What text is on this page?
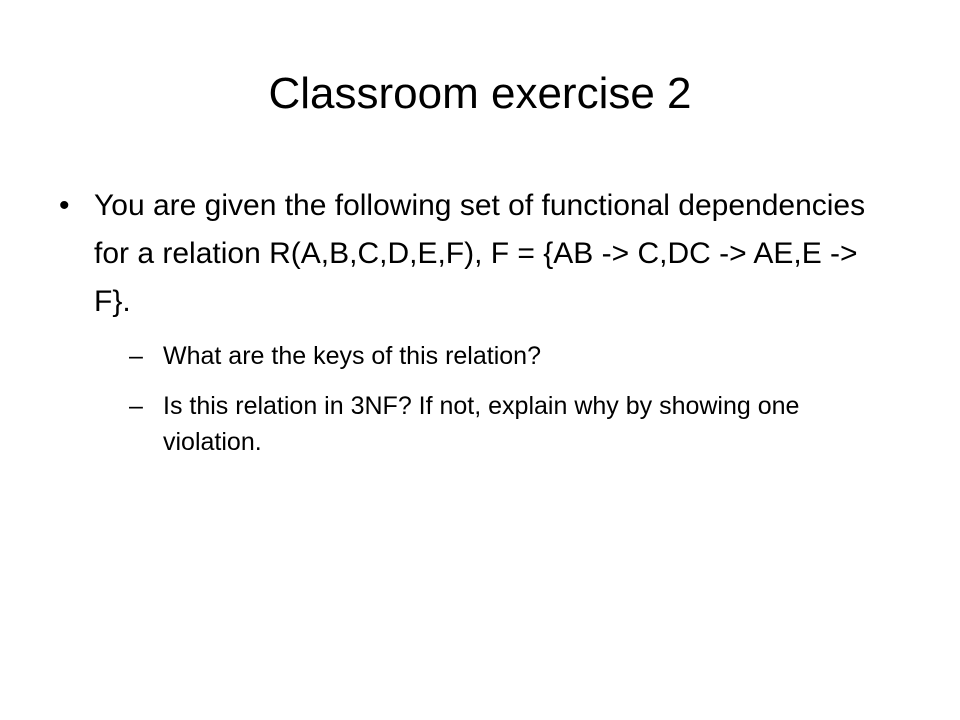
Classroom exercise 2
• You are given the following set of functional dependencies for a relation R(A,B,C,D,E,F), F = {AB -> C,DC -> AE,E -> F}.

– What are the keys of this relation?

– Is this relation in 3NF? If not, explain why by showing one violation.
